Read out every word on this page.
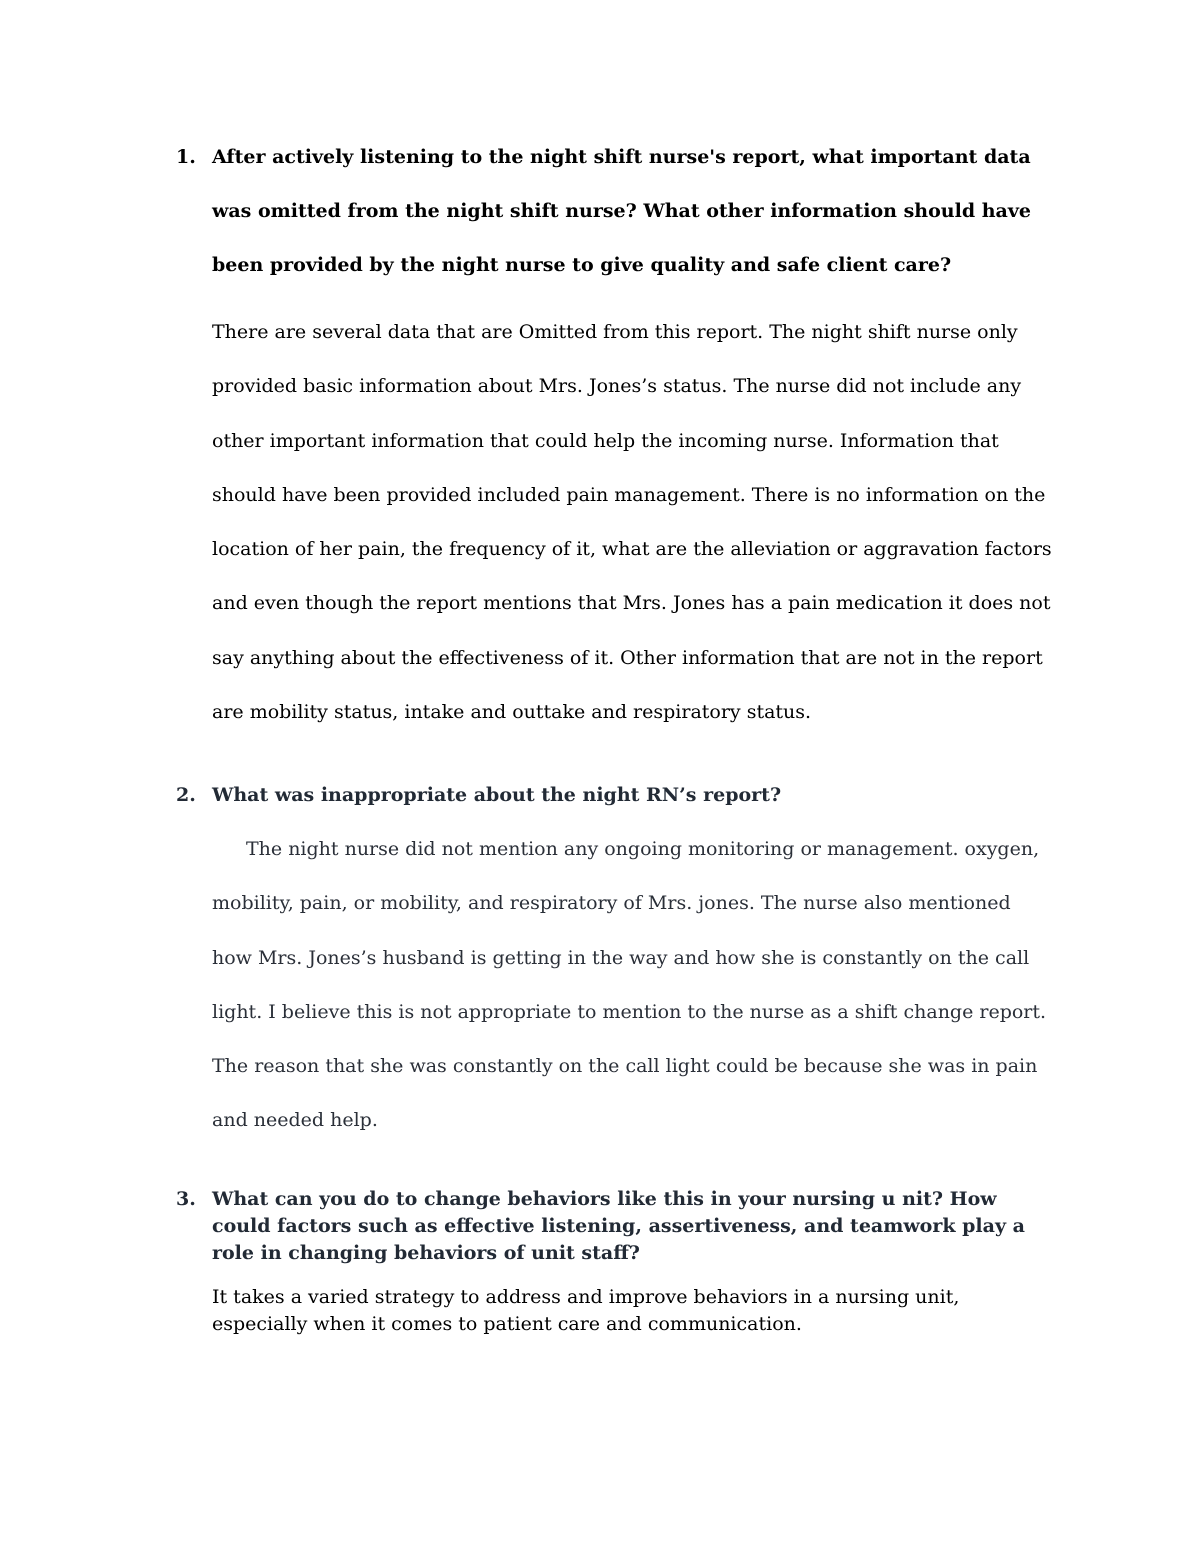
1. After actively listening to the night shift nurse's report, what important data was omitted from the night shift nurse? What other information should have been provided by the night nurse to give quality and safe client care?
There are several data that are Omitted from this report. The night shift nurse only provided basic information about Mrs. Jones’s status. The nurse did not include any other important information that could help the incoming nurse. Information that should have been provided included pain management. There is no information on the location of her pain, the frequency of it, what are the alleviation or aggravation factors and even though the report mentions that Mrs. Jones has a pain medication it does not say anything about the effectiveness of it. Other information that are not in the report are mobility status, intake and outtake and respiratory status.
2. What was inappropriate about the night RN’s report?
The night nurse did not mention any ongoing monitoring or management. oxygen, mobility, pain, or mobility, and respiratory of Mrs. jones. The nurse also mentioned how Mrs. Jones’s husband is getting in the way and how she is constantly on the call light. I believe this is not appropriate to mention to the nurse as a shift change report. The reason that she was constantly on the call light could be because she was in pain and needed help.
3. What can you do to change behaviors like this in your nursing u nit? How could factors such as effective listening, assertiveness, and teamwork play a role in changing behaviors of unit staff?
It takes a varied strategy to address and improve behaviors in a nursing unit, especially when it comes to patient care and communication.
